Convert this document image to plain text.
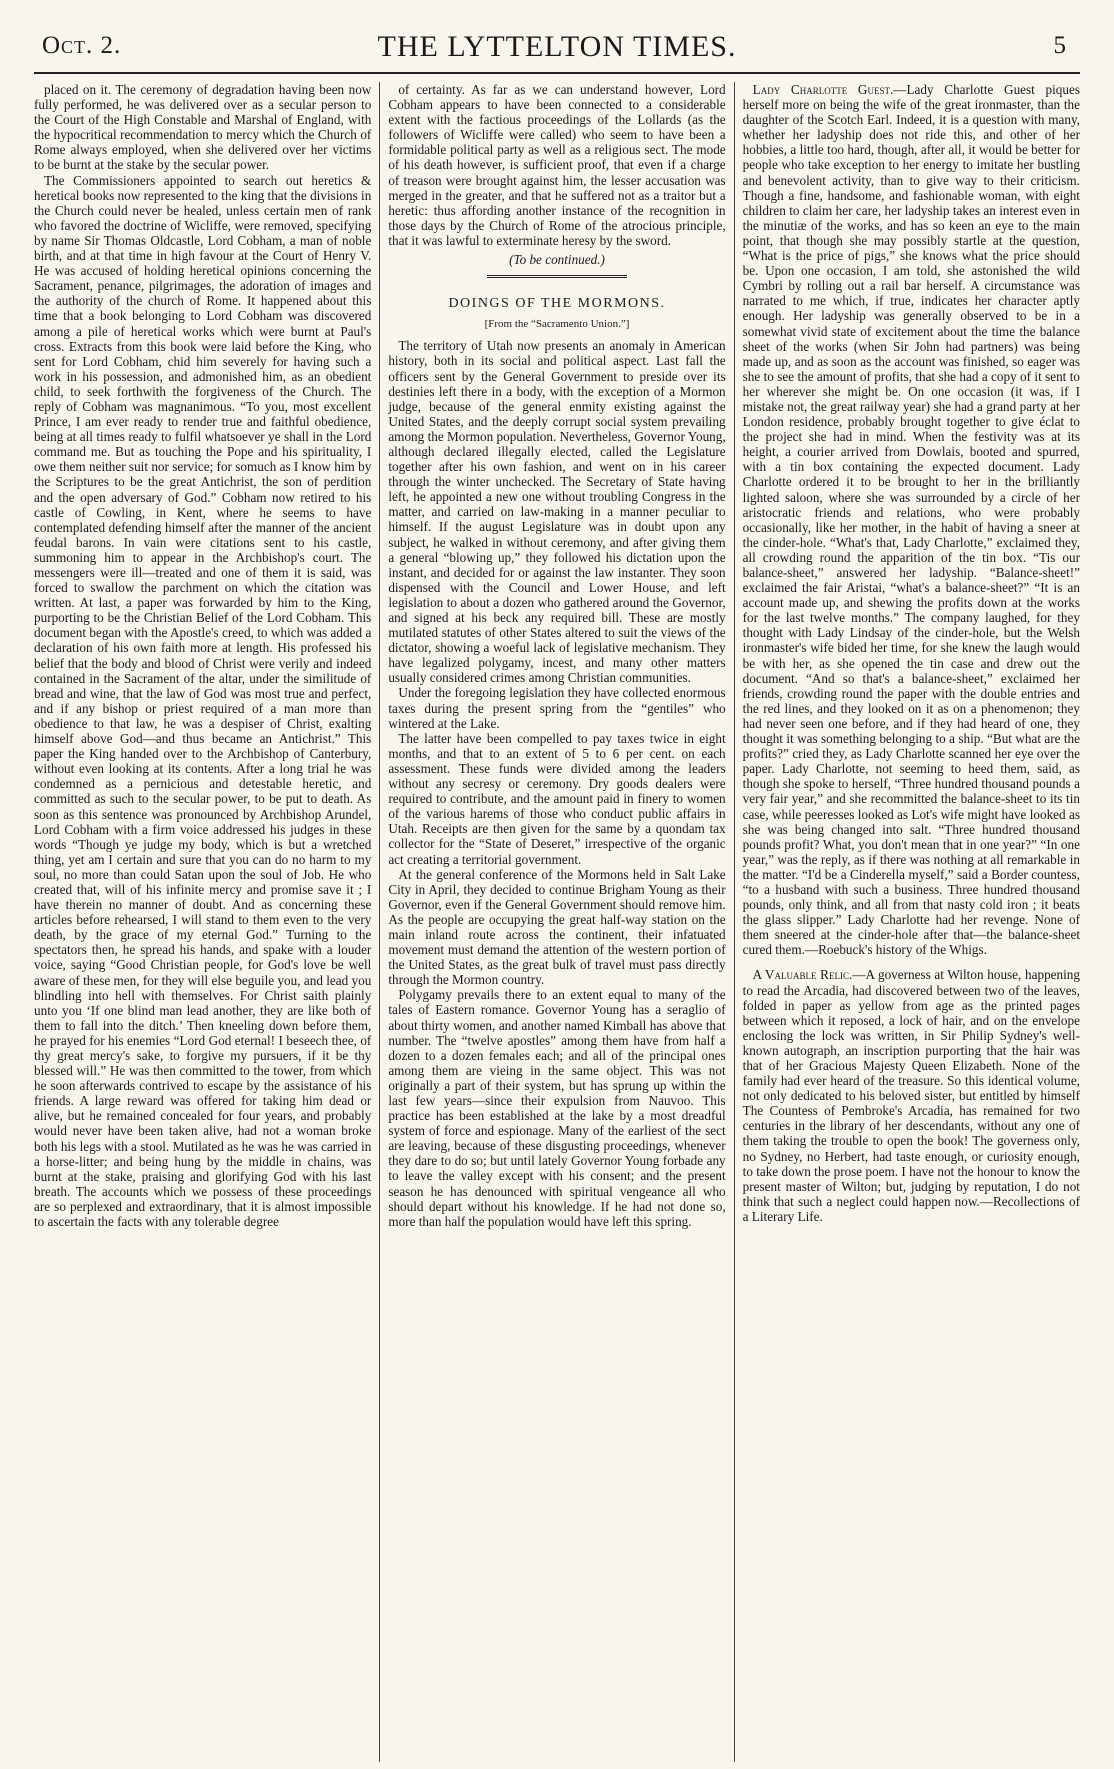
Oct. 2.	THE LYTTELTON TIMES.	5

placed on it. The ceremony of degradation having been now fully performed, he was delivered over as a secular person to the Court of the High Constable and Marshal of England, with the hypocritical recommendation to mercy which the Church of Rome always employed, when she delivered over her victims to be burnt at the stake by the secular power.

The Commissioners appointed to search out heretics & heretical books now represented to the king that the divisions in the Church could never be healed, unless certain men of rank who favored the doctrine of Wicliffe, were removed, specifying by name Sir Thomas Oldcastle, Lord Cobham, a man of noble birth, and at that time in high favour at the Court of Henry V. He was accused of holding heretical opinions concerning the Sacrament, penance, pilgrimages, the adoration of images and the authority of the church of Rome. It happened about this time that a book belonging to Lord Cobham was discovered among a pile of heretical works which were burnt at Paul's cross. Extracts from this book were laid before the King, who sent for Lord Cobham, chid him severely for having such a work in his possession, and admonished him, as an obedient child, to seek forthwith the forgiveness of the Church. The reply of Cobham was magnanimous. “To you, most excellent Prince, I am ever ready to render true and faithful obedience, being at all times ready to fulfil whatsoever ye shall in the Lord command me. But as touching the Pope and his spirituality, I owe them neither suit nor service; for somuch as I know him by the Scriptures to be the great Antichrist, the son of perdition and the open adversary of God.” Cobham now retired to his castle of Cowling, in Kent, where he seems to have contemplated defending himself after the manner of the ancient feudal barons. In vain were citations sent to his castle, summoning him to appear in the Archbishop's court. The messengers were ill—treated and one of them it is said, was forced to swallow the parchment on which the citation was written. At last, a paper was forwarded by him to the King, purporting to be the Christian Belief of the Lord Cobham. This document began with the Apostle's creed, to which was added a declaration of his own faith more at length. His professed his belief that the body and blood of Christ were verily and indeed contained in the Sacrament of the altar, under the similitude of bread and wine, that the law of God was most true and perfect, and if any bishop or priest required of a man more than obedience to that law, he was a despiser of Christ, exalting himself above God—and thus became an Antichrist.” This paper the King handed over to the Archbishop of Canterbury, without even looking at its contents. After a long trial he was condemned as a pernicious and detestable heretic, and committed as such to the secular power, to be put to death. As soon as this sentence was pronounced by Archbishop Arundel, Lord Cobham with a firm voice addressed his judges in these words “Though ye judge my body, which is but a wretched thing, yet am I certain and sure that you can do no harm to my soul, no more than could Satan upon the soul of Job. He who created that, will of his infinite mercy and promise save it ; I have therein no manner of doubt. And as concerning these articles before rehearsed, I will stand to them even to the very death, by the grace of my eternal God.” Turning to the spectators then, he spread his hands, and spake with a louder voice, saying “Good Christian people, for God's love be well aware of these men, for they will else beguile you, and lead you blindling into hell with themselves. For Christ saith plainly unto you ‘If one blind man lead another, they are like both of them to fall into the ditch.’ Then kneeling down before them, he prayed for his enemies “Lord God eternal! I beseech thee, of thy great mercy's sake, to forgive my pursuers, if it be thy blessed will.” He was then committed to the tower, from which he soon afterwards contrived to escape by the assistance of his friends. A large reward was offered for taking him dead or alive, but he remained concealed for four years, and probably would never have been taken alive, had not a woman broke both his legs with a stool. Mutilated as he was he was carried in a horse-litter; and being hung by the middle in chains, was burnt at the stake, praising and glorifying God with his last breath. The accounts which we possess of these proceedings are so perplexed and extraordinary, that it is almost impossible to ascertain the facts with any tolerable degree

of certainty. As far as we can understand however, Lord Cobham appears to have been connected to a considerable extent with the factious proceedings of the Lollards (as the followers of Wicliffe were called) who seem to have been a formidable political party as well as a religious sect. The mode of his death however, is sufficient proof, that even if a charge of treason were brought against him, the lesser accusation was merged in the greater, and that he suffered not as a traitor but a heretic: thus affording another instance of the recognition in those days by the Church of Rome of the atrocious principle, that it was lawful to exterminate heresy by the sword.

(To be continued.)
DOINGS OF THE MORMONS.
[From the “Sacramento Union.”]

The territory of Utah now presents an anomaly in American history, both in its social and political aspect. Last fall the officers sent by the General Government to preside over its destinies left there in a body, with the exception of a Mormon judge, because of the general enmity existing against the United States, and the deeply corrupt social system prevailing among the Mormon population. Nevertheless, Governor Young, although declared illegally elected, called the Legislature together after his own fashion, and went on in his career through the winter unchecked. The Secretary of State having left, he appointed a new one without troubling Congress in the matter, and carried on law-making in a manner peculiar to himself. If the august Legislature was in doubt upon any subject, he walked in without ceremony, and after giving them a general “blowing up,” they followed his dictation upon the instant, and decided for or against the law instanter. They soon dispensed with the Council and Lower House, and left legislation to about a dozen who gathered around the Governor, and signed at his beck any required bill. These are mostly mutilated statutes of other States altered to suit the views of the dictator, showing a woeful lack of legislative mechanism. They have legalized polygamy, incest, and many other matters usually considered crimes among Christian communities.

Under the foregoing legislation they have collected enormous taxes during the present spring from the “gentiles” who wintered at the Lake.

The latter have been compelled to pay taxes twice in eight months, and that to an extent of 5 to 6 per cent. on each assessment. These funds were divided among the leaders without any secresy or ceremony. Dry goods dealers were required to contribute, and the amount paid in finery to women of the various harems of those who conduct public affairs in Utah. Receipts are then given for the same by a quondam tax collector for the “State of Deseret,” irrespective of the organic act creating a territorial government.

At the general conference of the Mormons held in Salt Lake City in April, they decided to continue Brigham Young as their Governor, even if the General Government should remove him. As the people are occupying the great half-way station on the main inland route across the continent, their infatuated movement must demand the attention of the western portion of the United States, as the great bulk of travel must pass directly through the Mormon country.

Polygamy prevails there to an extent equal to many of the tales of Eastern romance. Governor Young has a seraglio of about thirty women, and another named Kimball has above that number. The “twelve apostles” among them have from half a dozen to a dozen females each; and all of the principal ones among them are vieing in the same object. This was not originally a part of their system, but has sprung up within the last few years—since their expulsion from Nauvoo. This practice has been established at the lake by a most dreadful system of force and espionage. Many of the earliest of the sect are leaving, because of these disgusting proceedings, whenever they dare to do so; but until lately Governor Young forbade any to leave the valley except with his consent; and the present season he has denounced with spiritual vengeance all who should depart without his knowledge. If he had not done so, more than half the population would have left this spring.

Lady Charlotte Guest.—Lady Charlotte Guest piques herself more on being the wife of the great ironmaster, than the daughter of the Scotch Earl. Indeed, it is a question with many, whether her ladyship does not ride this, and other of her hobbies, a little too hard, though, after all, it would be better for people who take exception to her energy to imitate her bustling and benevolent activity, than to give way to their criticism. Though a fine, handsome, and fashionable woman, with eight children to claim her care, her ladyship takes an interest even in the minutiæ of the works, and has so keen an eye to the main point, that though she may possibly startle at the question, “What is the price of pigs,” she knows what the price should be. Upon one occasion, I am told, she astonished the wild Cymbri by rolling out a rail bar herself. A circumstance was narrated to me which, if true, indicates her character aptly enough. Her ladyship was generally observed to be in a somewhat vivid state of excitement about the time the balance sheet of the works (when Sir John had partners) was being made up, and as soon as the account was finished, so eager was she to see the amount of profits, that she had a copy of it sent to her wherever she might be. On one occasion (it was, if I mistake not, the great railway year) she had a grand party at her London residence, probably brought together to give éclat to the project she had in mind. When the festivity was at its height, a courier arrived from Dowlais, booted and spurred, with a tin box containing the expected document. Lady Charlotte ordered it to be brought to her in the brilliantly lighted saloon, where she was surrounded by a circle of her aristocratic friends and relations, who were probably occasionally, like her mother, in the habit of having a sneer at the cinder-hole. “What's that, Lady Charlotte,” exclaimed they, all crowding round the apparition of the tin box. “Tis our balance-sheet,” answered her ladyship. “Balance-sheet!” exclaimed the fair Aristai, “what's a balance-sheet?” “It is an account made up, and shewing the profits down at the works for the last twelve months.” The company laughed, for they thought with Lady Lindsay of the cinder-hole, but the Welsh ironmaster's wife bided her time, for she knew the laugh would be with her, as she opened the tin case and drew out the document. “And so that's a balance-sheet,” exclaimed her friends, crowding round the paper with the double entries and the red lines, and they looked on it as on a phenomenon; they had never seen one before, and if they had heard of one, they thought it was something belonging to a ship. “But what are the profits?” cried they, as Lady Charlotte scanned her eye over the paper. Lady Charlotte, not seeming to heed them, said, as though she spoke to herself, “Three hundred thousand pounds a very fair year,” and she recommitted the balance-sheet to its tin case, while peeresses looked as Lot's wife might have looked as she was being changed into salt. “Three hundred thousand pounds profit? What, you don't mean that in one year?” “In one year,” was the reply, as if there was nothing at all remarkable in the matter. “I'd be a Cinderella myself,” said a Border countess, “to a husband with such a business. Three hundred thousand pounds, only think, and all from that nasty cold iron ; it beats the glass slipper.” Lady Charlotte had her revenge. None of them sneered at the cinder-hole after that—the balance-sheet cured them.—Roebuck's history of the Whigs.

A Valuable Relic.—A governess at Wilton house, happening to read the Arcadia, had discovered between two of the leaves, folded in paper as yellow from age as the printed pages between which it reposed, a lock of hair, and on the envelope enclosing the lock was written, in Sir Philip Sydney's well-known autograph, an inscription purporting that the hair was that of her Gracious Majesty Queen Elizabeth. None of the family had ever heard of the treasure. So this identical volume, not only dedicated to his beloved sister, but entitled by himself The Countess of Pembroke's Arcadia, has remained for two centuries in the library of her descendants, without any one of them taking the trouble to open the book! The governess only, no Sydney, no Herbert, had taste enough, or curiosity enough, to take down the prose poem. I have not the honour to know the present master of Wilton; but, judging by reputation, I do not think that such a neglect could happen now.—Recollections of a Literary Life.
